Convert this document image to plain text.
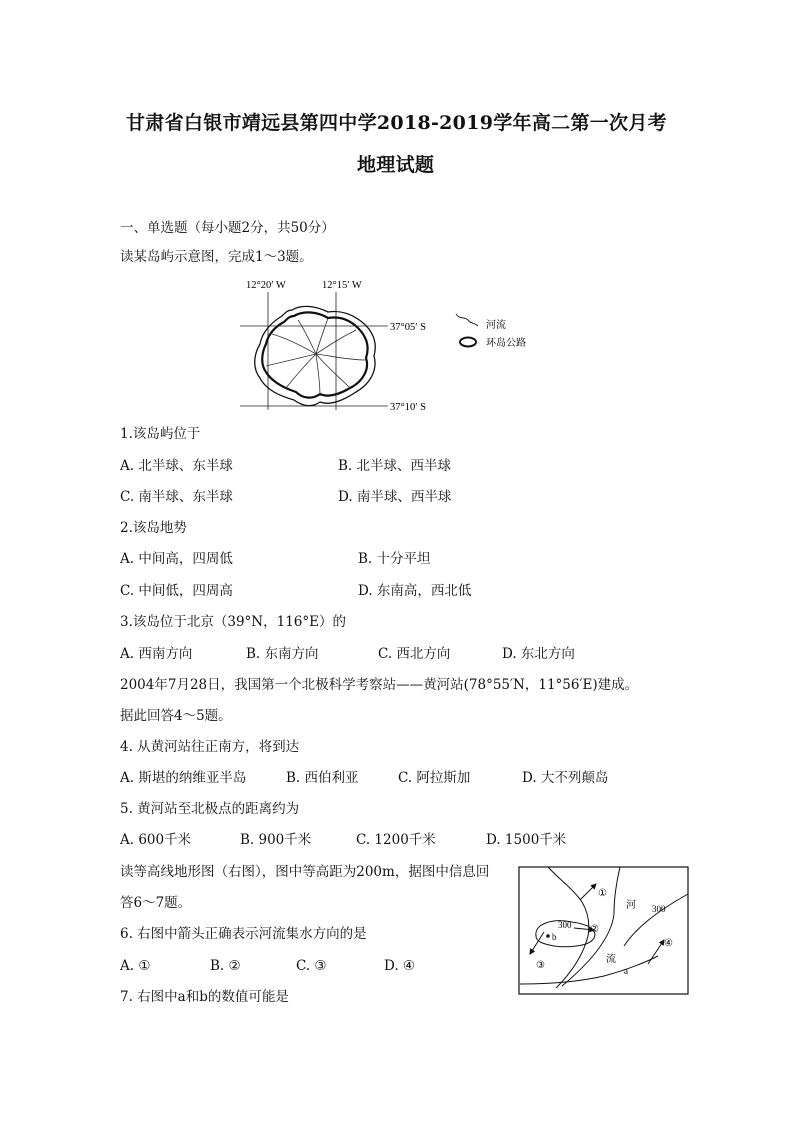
甘肃省白银市靖远县第四中学2018-2019学年高二第一次月考
地理试题
一、单选题（每小题2分，共50分）
读某岛屿示意图，完成1～3题。
12°20′ W	12°15′ W
37°05′ S
37°10′ S
河流
环岛公路
1.该岛屿位于
A. 北半球、东半球	B. 北半球、西半球
C. 南半球、东半球	D. 南半球、西半球
2.该岛地势
A. 中间高，四周低	B. 十分平坦
C. 中间低，四周高	D. 东南高，西北低
3.该岛位于北京（39°N，116°E）的
A. 西南方向	B. 东南方向	C. 西北方向	D. 东北方向
2004年7月28日，我国第一个北极科学考察站——黄河站(78°55′N，11°56′E)建成。
据此回答4～5题。
4. 从黄河站往正南方，将到达
A. 斯堪的纳维亚半岛	B. 西伯利亚	C. 阿拉斯加	D. 大不列颠岛
5. 黄河站至北极点的距离约为
A. 600千米	B. 900千米	C. 1200千米	D. 1500千米
读等高线地形图（右图），图中等高距为200m，据图中信息回
答6～7题。
6. 右图中箭头正确表示河流集水方向的是
A. ①	B. ②	C. ③	D. ④
7. 右图中a和b的数值可能是
①
②
③
④
300
300
b
a
河
流
